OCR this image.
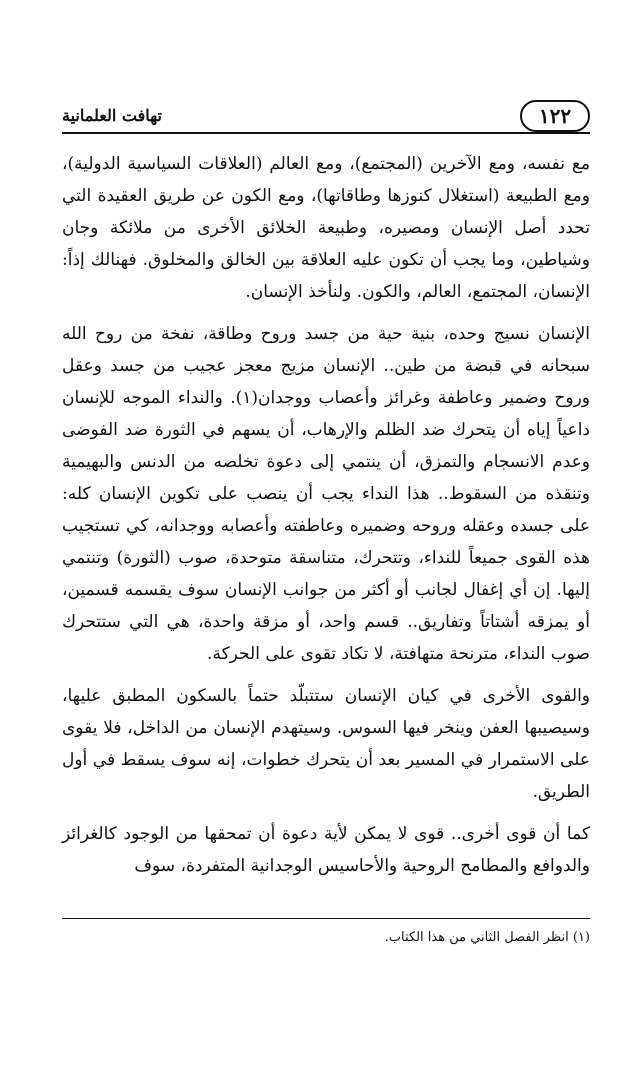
١٢٢
تهافت العلمانية

مع نفسه، ومع الآخرين (المجتمع)، ومع العالم (العلاقات السياسية الدولية)، ومع الطبيعة (استغلال كنوزها وطاقاتها)، ومع الكون عن طريق العقيدة التي تحدد أصل الإنسان ومصيره، وطبيعة الخلائق الأخرى من ملائكة وجان وشياطين، وما يجب أن تكون عليه العلاقة بين الخالق والمخلوق. فهنالك إذاً: الإنسان، المجتمع، العالم، والكون. ولنأخذ الإنسان.

الإنسان نسيج وحده، بنية حية من جسد وروح وطاقة، نفخة من روح الله سبحانه في قبضة من طين.. الإنسان مزيج معجز عجيب من جسد وعقل وروح وضمير وعاطفة وغرائز وأعصاب ووجدان(١). والنداء الموجه للإنسان داعياً إياه أن يتحرك ضد الظلم والإرهاب، أن يسهم في الثورة ضد الفوضى وعدم الانسجام والتمزق، أن ينتمي إلى دعوة تخلصه من الدنس والبهيمية وتنقذه من السقوط.. هذا النداء يجب أن ينصب على تكوين الإنسان كله: على جسده وعقله وروحه وضميره وعاطفته وأعصابه ووجدانه، كي تستجيب هذه القوى جميعاً للنداء، وتتحرك، متناسقة متوحدة، صوب (الثورة) وتنتمي إليها. إن أي إغفال لجانب أو أكثر من جوانب الإنسان سوف يقسمه قسمين، أو يمزقه أشتاتاً وتفاريق.. قسم واحد، أو مزقة واحدة، هي التي ستتحرك صوب النداء، مترنحة متهافتة، لا تكاد تقوى على الحركة.

والقوى الأخرى في كيان الإنسان ستتبلّد حتماً بالسكون المطبق عليها، وسيصيبها العفن وينخر فيها السوس. وسيتهدم الإنسان من الداخل، فلا يقوى على الاستمرار في المسير بعد أن يتحرك خطوات، إنه سوف يسقط في أول الطريق.

كما أن قوى أخرى.. قوى لا يمكن لأية دعوة أن تمحقها من الوجود كالغرائز والدوافع والمطامح الروحية والأحاسيس الوجدانية المتفردة، سوف

(١) انظر الفصل الثاني من هذا الكتاب.
